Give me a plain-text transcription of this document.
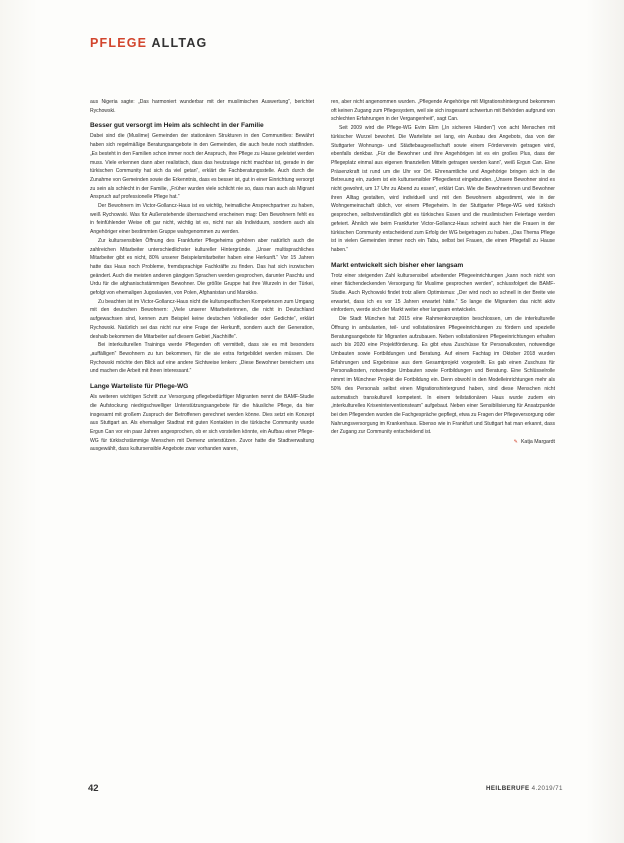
PFLEGE ALLTAG

aus Nigeria sagte: „Das harmoniert wunderbar mit der muslimischen Auswertung“, berichtet Rychowski.

Besser gut versorgt im Heim als schlecht in der Familie

Dabei sind die (Muslime) Gemeinden der stationären Strukturen in den Communities: Bewährt haben sich regelmäßige Beratungsangebote in den Gemeinden, die auch heute noch stattfinden. „Es besteht in den Familien schon immer noch der Anspruch, ihre Pflege zu Hause geleistet werden muss. Viele erkennen dann aber realistisch, dass das heutzutage nicht machbar ist, gerade in der türkischen Community hat sich da viel getan“, erklärt die Fachberatungsstelle. Auch durch die Zunahme von Gemeinden sowie die Erkenntnis, dass es besser ist, gut in einer Einrichtung versorgt zu sein als schlecht in der Familie, „Früher wurden viele schlicht nie so, dass man auch als Migrant Anspruch auf professionelle Pflege hat.“

Der Bewohnern im Victor-Gollancz-Haus ist es wichtig, heimatliche Ansprechpartner zu haben, weiß Rychowski. Was für Außenstehende überraschend erscheinen mag: Den Bewohnern fehlt es in feinfühlender Weise oft gar nicht, wichtig ist es, nicht nur als Individuum, sondern auch als Angehöriger einer bestimmten Gruppe wahrgenommen zu werden.

Zur kultursensiblen Öffnung des Frankfurter Pflegeheims gehören aber natürlich auch die zahlreichen Mitarbeiter unterschiedlichster kultureller Hintergründe. „Unser multisprachliches Mitarbeiter gibt es nicht, 80% unserer Beispielsmitarbeiter haben eine Herkunft.“ Vor 15 Jahren hatte das Haus noch Probleme, fremdsprachige Fachkräfte zu finden. Das hat sich inzwischen geändert. Auch die meisten anderen gängigen Sprachen werden gesprochen, darunter Paschtu und Urdu für die afghanischstämmigen Bewohner. Die größte Gruppe hat ihre Wurzeln in der Türkei, gefolgt von ehemaligen Jugoslawien, von Polen, Afghanistan und Marokko.

Zu beachten ist im Victor-Gollancz-Haus nicht die kulturspezifischen Kompetenzen zum Umgang mit den deutschen Bewohnern: „Viele unserer Mitarbeiterinnen, die nicht in Deutschland aufgewachsen sind, kennen zum Beispiel keine deutschen Volkslieder oder Gedichte“, erklärt Rychowski. Natürlich sei das nicht nur eine Frage der Herkunft, sondern auch der Generation, deshalb bekommen die Mitarbeiter auf diesem Gebiet „Nachhilfe“.

Bei interkulturellen Trainings werde Pflegenden oft vermittelt, dass sie es mit besonders „auffälligen“ Bewohnern zu tun bekommen, für die sie extra fortgebildet werden müssen. Die Rychowski möchte den Blick auf eine andere Sichtweise lenken: „Diese Bewohner bereichern uns und machen die Arbeit mit ihnen interessant.“

Lange Warteliste für Pflege-WG

Als weiteren wichtigen Schritt zur Versorgung pflegebedürftiger Migranten nennt die BAMF-Studie die Aufstockung niedrigschwelliger Unterstützungsangebote für die häusliche Pflege, da hier insgesamt mit großem Zuspruch der Betroffenen gerechnet werden könne. Dies setzt ein Konzept aus Stuttgart an. Als ehemaliger Stadtrat mit guten Kontakten in die türkische Community wurde Ergun Can vor ein paar Jahren angesprochen, ob er sich vorstellen könnte, ein Aufbau einer Pflege-WG für türkischstämmige Menschen mit Demenz unterstützen. Zuvor hatte die Stadtverwaltung ausgewählt, dass kultursensible Angebote zwar vorhanden waren,

ren, aber nicht angenommen wurden. „Pflegende Angehörige mit Migrationshintergrund bekommen oft keinen Zugang zum Pflegesystem, weil sie sich insgesamt schwertun mit Behörden aufgrund von schlechten Erfahrungen in der Vergangenheit“, sagt Can.

Seit 2009 wird die Pflege-WG Evim Elim („In sicheren Händen“) von acht Menschen mit türkischer Wurzel bewohnt. Die Warteliste sei lang, ein Ausbau des Angebots, das von der Stuttgarter Wohnungs- und Städtebaugesellschaft sowie einem Förderverein getragen wird, ebenfalls denkbar. „Für die Bewohner und ihre Angehörigen ist es ein großes Plus, dass der Pflegeplatz einmal aus eigenen finanziellen Mitteln getragen werden kann“, weiß Ergun Can. Eine Präsenzkraft ist rund um die Uhr vor Ort. Ehrenamtliche und Angehörige bringen sich in die Betreuung ein, zudem ist ein kultursensibler Pflegedienst eingebunden. „Unsere Bewohner sind es nicht gewohnt, um 17 Uhr zu Abend zu essen“, erklärt Can. Wie die Bewohnerinnen und Bewohner ihren Alltag gestalten, wird individuell und mit den Bewohnern abgestimmt, wie in der Wohngemeinschaft üblich, vor einem Pflegeheim. In der Stuttgarter Pflege-WG wird türkisch gesprochen, selbstverständlich gibt es türkisches Essen und die muslimischen Feiertage werden gefeiert. Ähnlich wie beim Frankfurter Victor-Gollancz-Haus scheint auch hier die Frauen in der türkischen Community entscheidend zum Erfolg der WG beigetragen zu haben. „Das Thema Pflege ist in vielen Gemeinden immer noch ein Tabu, selbst bei Frauen, die einen Pflegefall zu Hause haben.“

Markt entwickelt sich bisher eher langsam

Trotz einer steigenden Zahl kultursensibel arbeitender Pflegeeinrichtungen „kann noch nicht von einer flächendeckenden Versorgung für Muslime gesprochen werden“, schlussfolgert die BAMF-Studie. Auch Rychowski findet trotz allem Optimismus: „Der wird noch so schnell in der Breite wie erwartet, dass ich es vor 15 Jahren erwartet hätte.“ So lange die Migranten das nicht aktiv einfordern, werde sich der Markt weiter eher langsam entwickeln.

Die Stadt München hat 2015 eine Rahmenkonzeption beschlossen, um die interkulturelle Öffnung in ambulanten, teil- und vollstationären Pflegeeinrichtungen zu fördern und spezielle Beratungsangebote für Migranten aufzubauen. Neben vollstationären Pflegeeinrichtungen erhalten auch bis 2020 eine Projektförderung. Es gibt etwa Zuschüsse für Personalkosten, notwendige Umbauten sowie Fortbildungen und Beratung. Auf einem Fachtag im Oktober 2018 wurden Erfahrungen und Ergebnisse aus dem Gesamtprojekt vorgestellt. Es gab einen Zuschuss für Personalkosten, notwendige Umbauten sowie Fortbildungen und Beratung. Eine Schlüsselrolle nimmt im Münchner Projekt die Fortbildung ein. Denn obwohl in den Modelleinrichtungen mehr als 50% des Personals selbst einen Migrationshintergrund haben, sind diese Menschen nicht automatisch transkulturell kompetent. In einem teilstationären Haus wurde zudem ein „interkulturelles Kriseninterventionsteam“ aufgebaut. Neben einer Sensibilisierung für Ansatzpunkte bei den Pflegenden wurden die Fachgespräche gepflegt, etwa zu Fragen der Pflegeversorgung oder Nahrungsversorgung im Krankenhaus. Ebenso wie in Frankfurt und Stuttgart hat man erkannt, dass der Zugang zur Community entscheidend ist.

✎ Katja Margardt
42	HEILBERUFE 4.2019/71
